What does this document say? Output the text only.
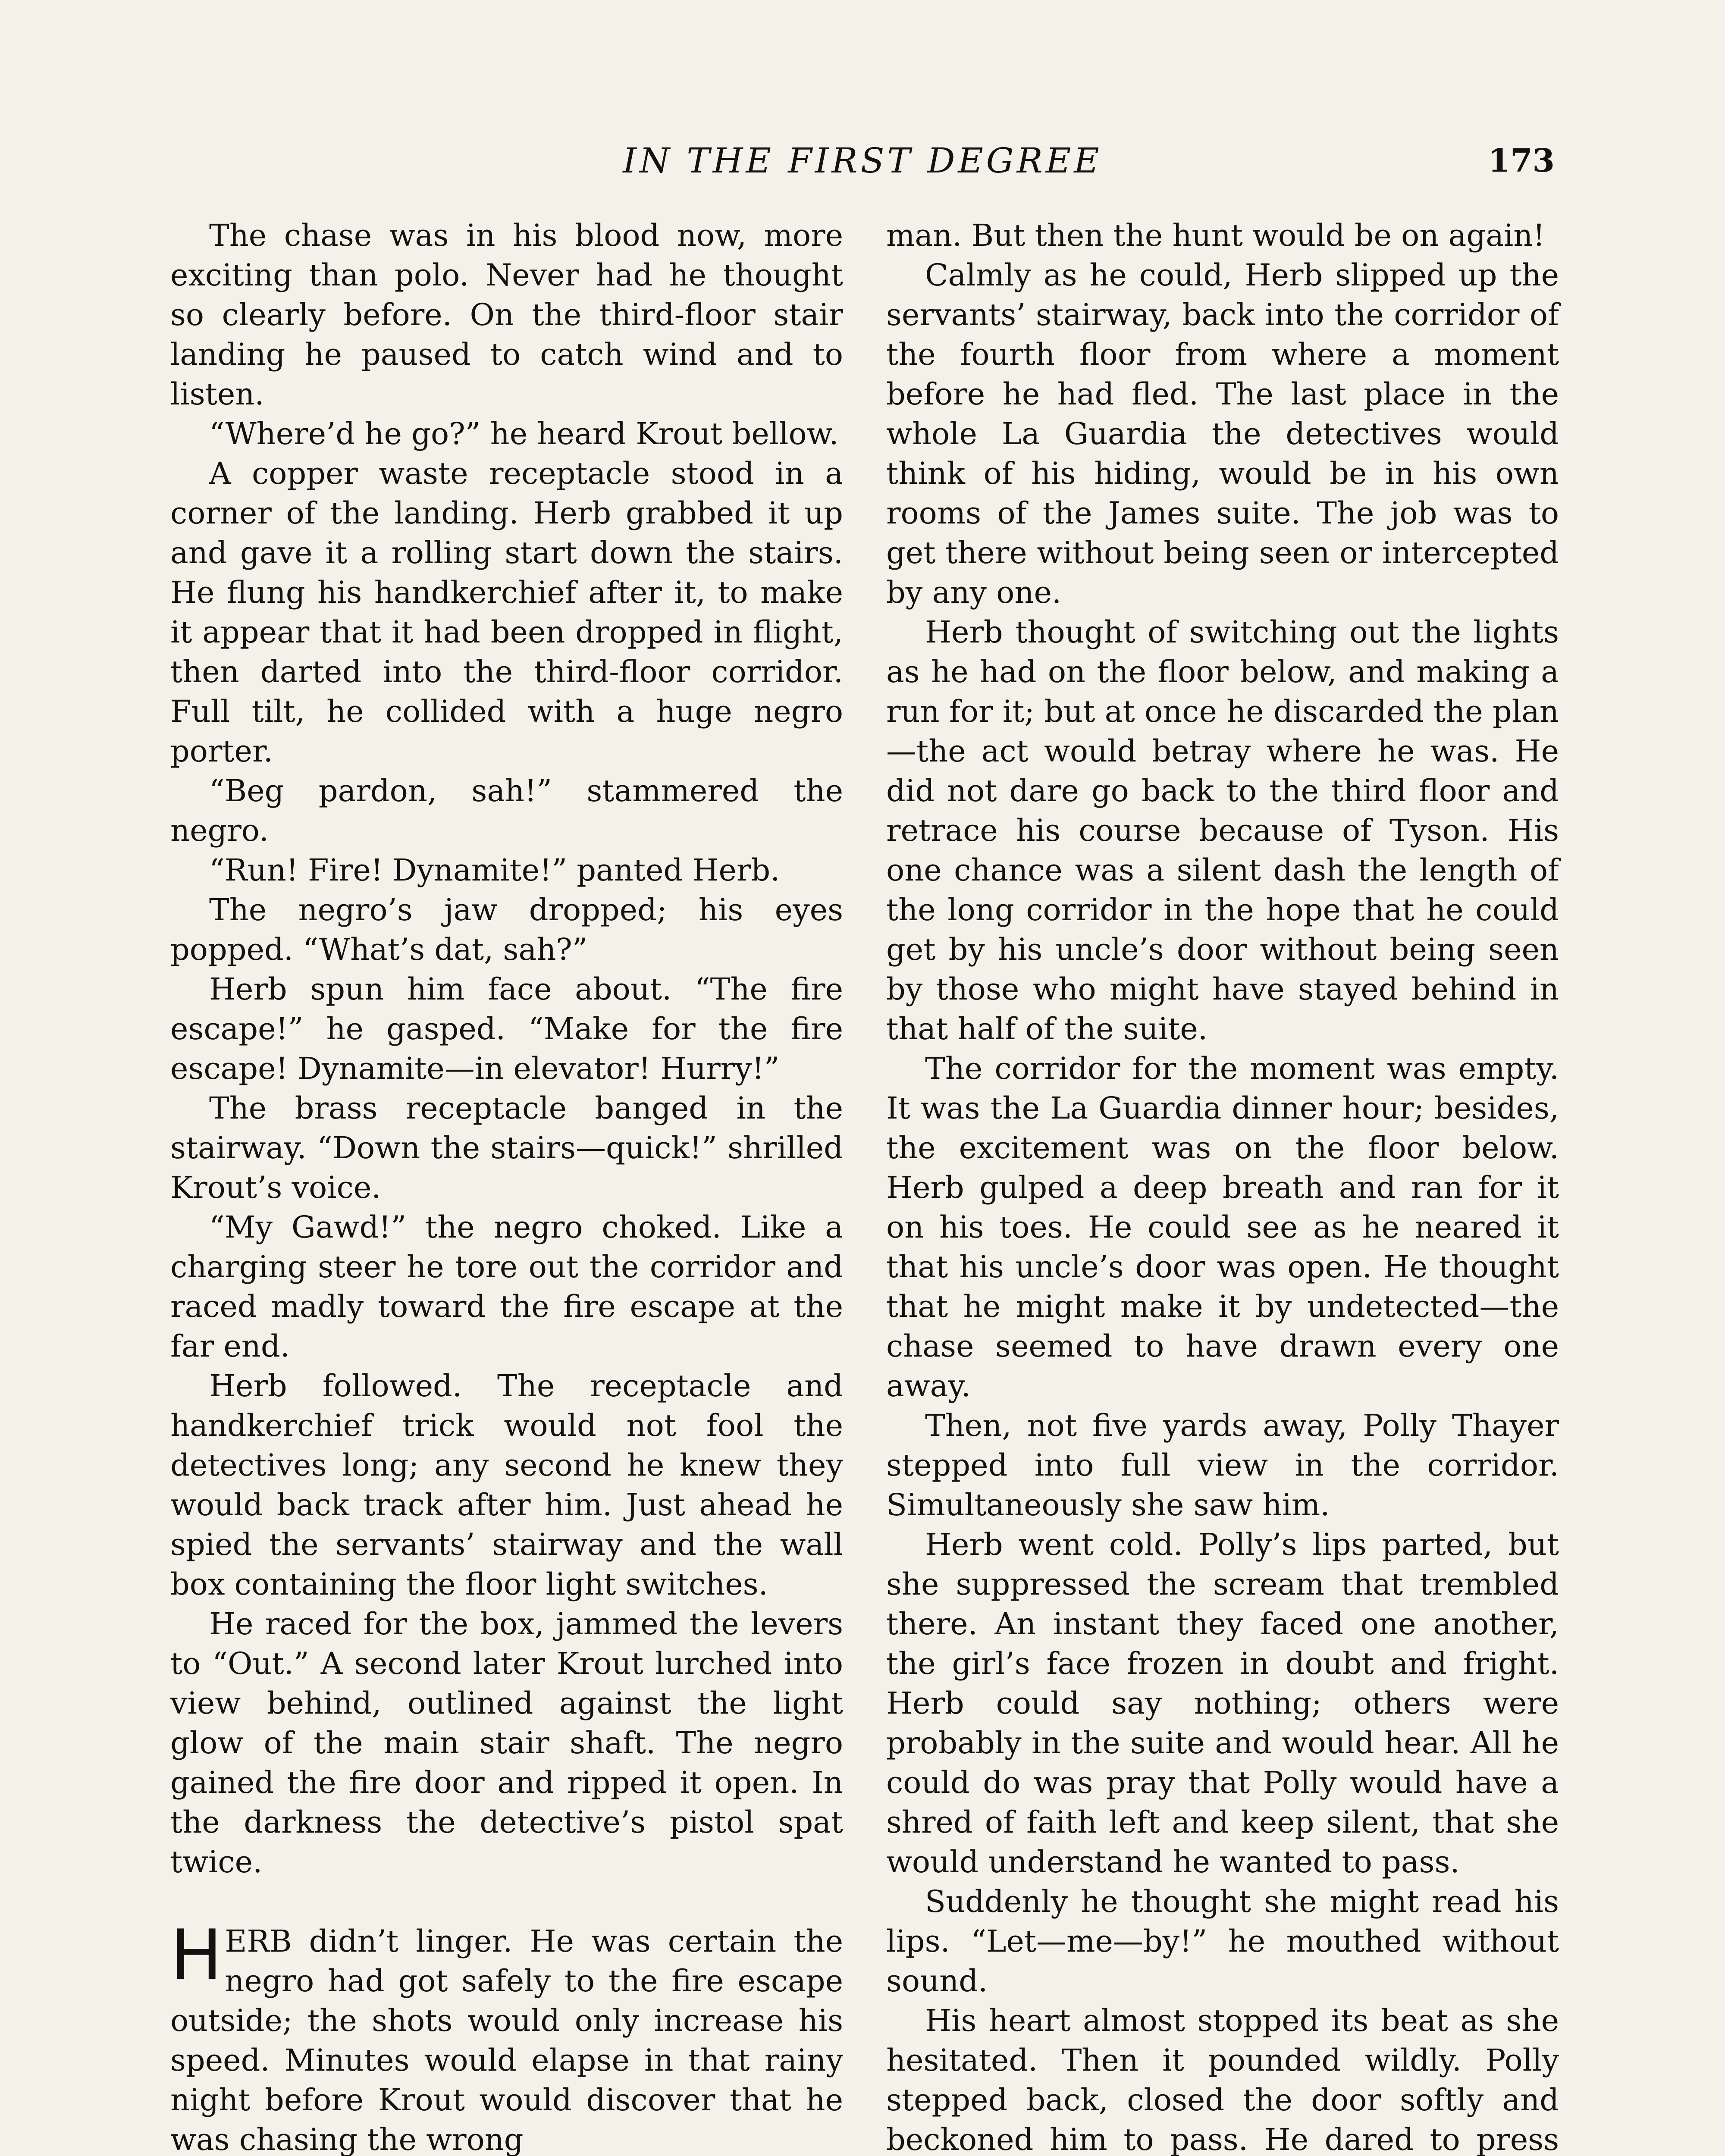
IN THE FIRST DEGREE	173

The chase was in his blood now, more exciting than polo. Never had he thought so clearly before. On the third-floor stair landing he paused to catch wind and to listen.

“Where’d he go?” he heard Krout bellow.

A copper waste receptacle stood in a corner of the landing. Herb grabbed it up and gave it a rolling start down the stairs. He flung his handkerchief after it, to make it appear that it had been dropped in flight, then darted into the third-floor corridor. Full tilt, he collided with a huge negro porter.

“Beg pardon, sah!” stammered the negro.

“Run! Fire! Dynamite!” panted Herb.

The negro’s jaw dropped; his eyes popped. “What’s dat, sah?”

Herb spun him face about. “The fire escape!” he gasped. “Make for the fire escape! Dynamite—in elevator! Hurry!”

The brass receptacle banged in the stairway. “Down the stairs—quick!” shrilled Krout’s voice.

“My Gawd!” the negro choked. Like a charging steer he tore out the corridor and raced madly toward the fire escape at the far end.

Herb followed. The receptacle and handkerchief trick would not fool the detectives long; any second he knew they would back track after him. Just ahead he spied the servants’ stairway and the wall box containing the floor light switches.

He raced for the box, jammed the levers to “Out.” A second later Krout lurched into view behind, outlined against the light glow of the main stair shaft. The negro gained the fire door and ripped it open. In the darkness the detective’s pistol spat twice.

HERB didn’t linger. He was certain the negro had got safely to the fire escape outside; the shots would only increase his speed. Minutes would elapse in that rainy night before Krout would discover that he was chasing the wrong

man. But then the hunt would be on again!

Calmly as he could, Herb slipped up the servants’ stairway, back into the corridor of the fourth floor from where a moment before he had fled. The last place in the whole La Guardia the detectives would think of his hiding, would be in his own rooms of the James suite. The job was to get there without being seen or intercepted by any one.

Herb thought of switching out the lights as he had on the floor below, and making a run for it; but at once he discarded the plan—the act would betray where he was. He did not dare go back to the third floor and retrace his course because of Tyson. His one chance was a silent dash the length of the long corridor in the hope that he could get by his uncle’s door without being seen by those who might have stayed behind in that half of the suite.

The corridor for the moment was empty. It was the La Guardia dinner hour; besides, the excitement was on the floor below. Herb gulped a deep breath and ran for it on his toes. He could see as he neared it that his uncle’s door was open. He thought that he might make it by undetected—the chase seemed to have drawn every one away.

Then, not five yards away, Polly Thayer stepped into full view in the corridor. Simultaneously she saw him.

Herb went cold. Polly’s lips parted, but she suppressed the scream that trembled there. An instant they faced one another, the girl’s face frozen in doubt and fright. Herb could say nothing; others were probably in the suite and would hear. All he could do was pray that Polly would have a shred of faith left and keep silent, that she would understand he wanted to pass.

Suddenly he thought she might read his lips. “Let—me—by!” he mouthed without sound.

His heart almost stopped its beat as she hesitated. Then it pounded wildly. Polly stepped back, closed the door softly and beckoned him to pass. He dared to press
